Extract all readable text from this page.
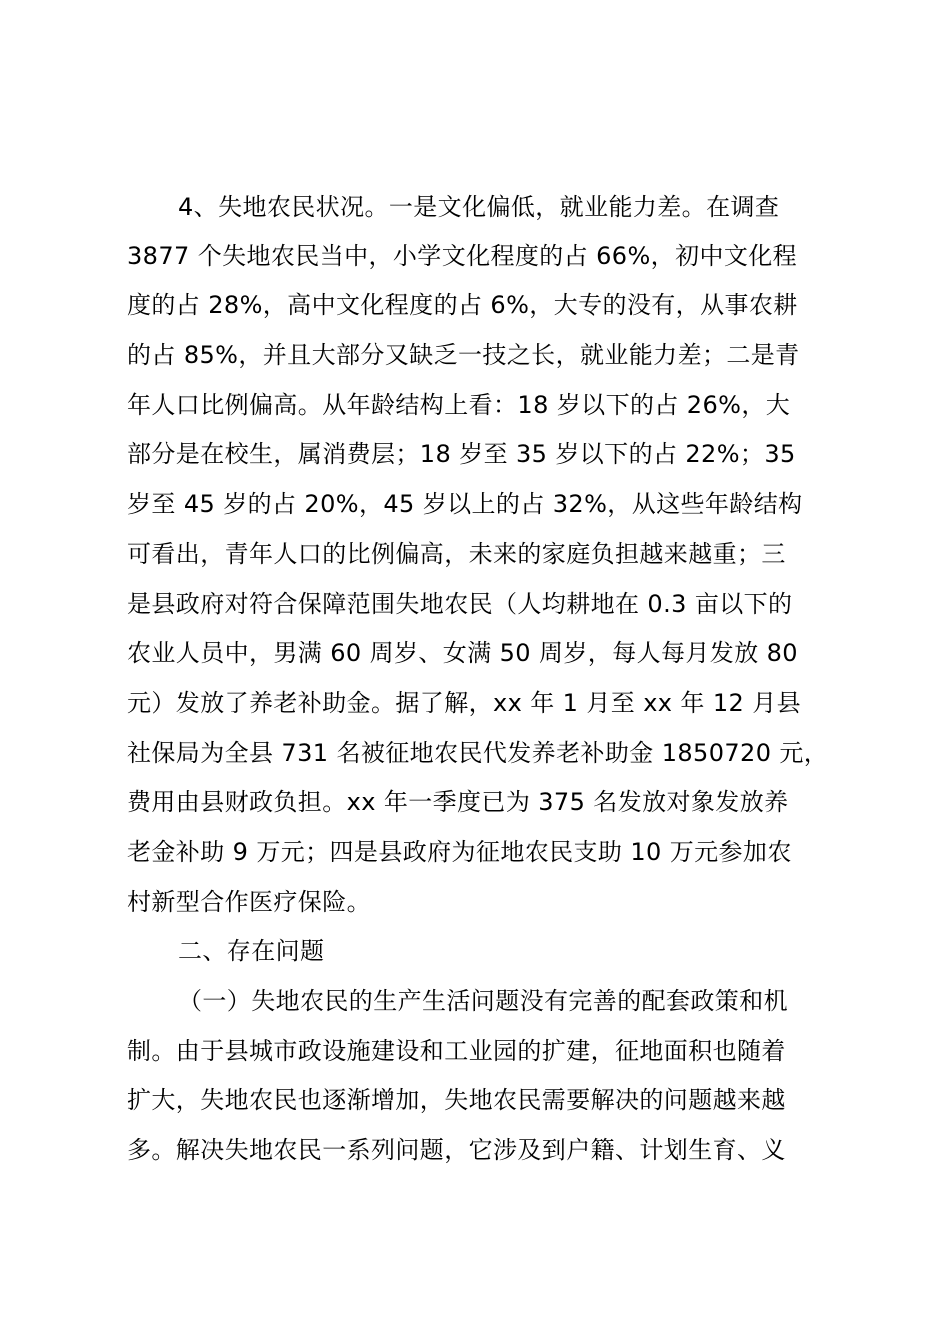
4、失地农民状况。一是文化偏低，就业能力差。在调查
3877 个失地农民当中，小学文化程度的占 66%，初中文化程
度的占 28%，高中文化程度的占 6%，大专的没有，从事农耕
的占 85%，并且大部分又缺乏一技之长，就业能力差；二是青
年人口比例偏高。从年龄结构上看：18 岁以下的占 26%，大
部分是在校生，属消费层；18 岁至 35 岁以下的占 22%；35
岁至 45 岁的占 20%，45 岁以上的占 32%，从这些年龄结构
可看出，青年人口的比例偏高，未来的家庭负担越来越重；三
是县政府对符合保障范围失地农民（人均耕地在 0.3 亩以下的
农业人员中，男满 60 周岁、女满 50 周岁，每人每月发放 80
元）发放了养老补助金。据了解，xx 年 1 月至 xx 年 12 月县
社保局为全县 731 名被征地农民代发养老补助金 1850720 元，
费用由县财政负担。xx 年一季度已为 375 名发放对象发放养
老金补助 9 万元；四是县政府为征地农民支助 10 万元参加农
村新型合作医疗保险。
二、存在问题
（一）失地农民的生产生活问题没有完善的配套政策和机
制。由于县城市政设施建设和工业园的扩建，征地面积也随着
扩大，失地农民也逐渐增加，失地农民需要解决的问题越来越
多。解决失地农民一系列问题，它涉及到户籍、计划生育、义
